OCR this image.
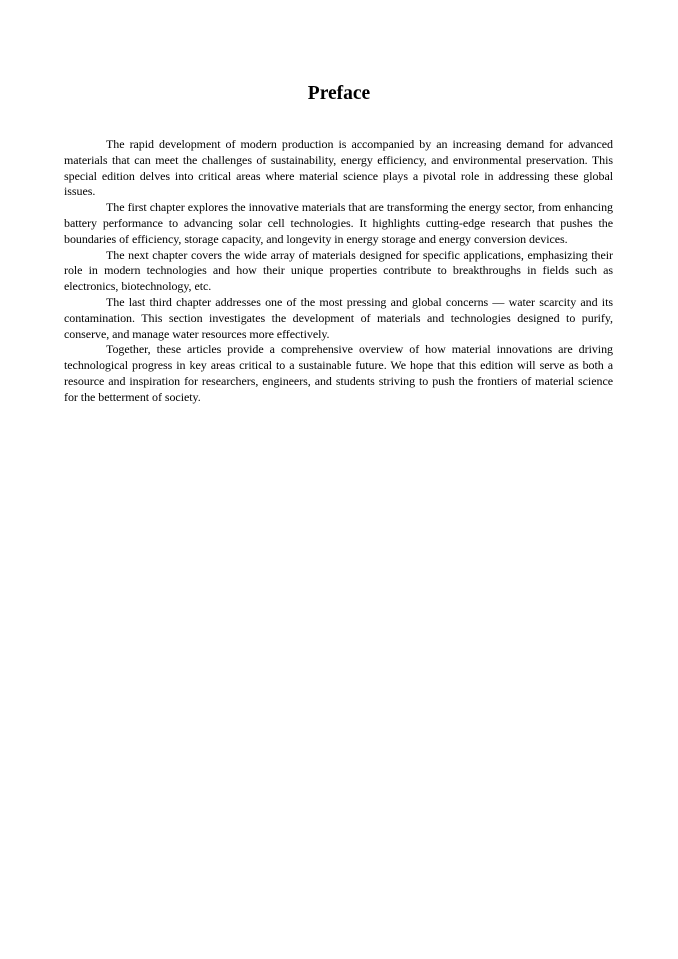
Preface

The rapid development of modern production is accompanied by an increasing demand for advanced materials that can meet the challenges of sustainability, energy efficiency, and environmental preservation. This special edition delves into critical areas where material science plays a pivotal role in addressing these global issues.

The first chapter explores the innovative materials that are transforming the energy sector, from enhancing battery performance to advancing solar cell technologies. It highlights cutting-edge research that pushes the boundaries of efficiency, storage capacity, and longevity in energy storage and energy conversion devices.

The next chapter covers the wide array of materials designed for specific applications, emphasizing their role in modern technologies and how their unique properties contribute to breakthroughs in fields such as electronics, biotechnology, etc.

The last third chapter addresses one of the most pressing and global concerns — water scarcity and its contamination. This section investigates the development of materials and technologies designed to purify, conserve, and manage water resources more effectively.

Together, these articles provide a comprehensive overview of how material innovations are driving technological progress in key areas critical to a sustainable future. We hope that this edition will serve as both a resource and inspiration for researchers, engineers, and students striving to push the frontiers of material science for the betterment of society.
